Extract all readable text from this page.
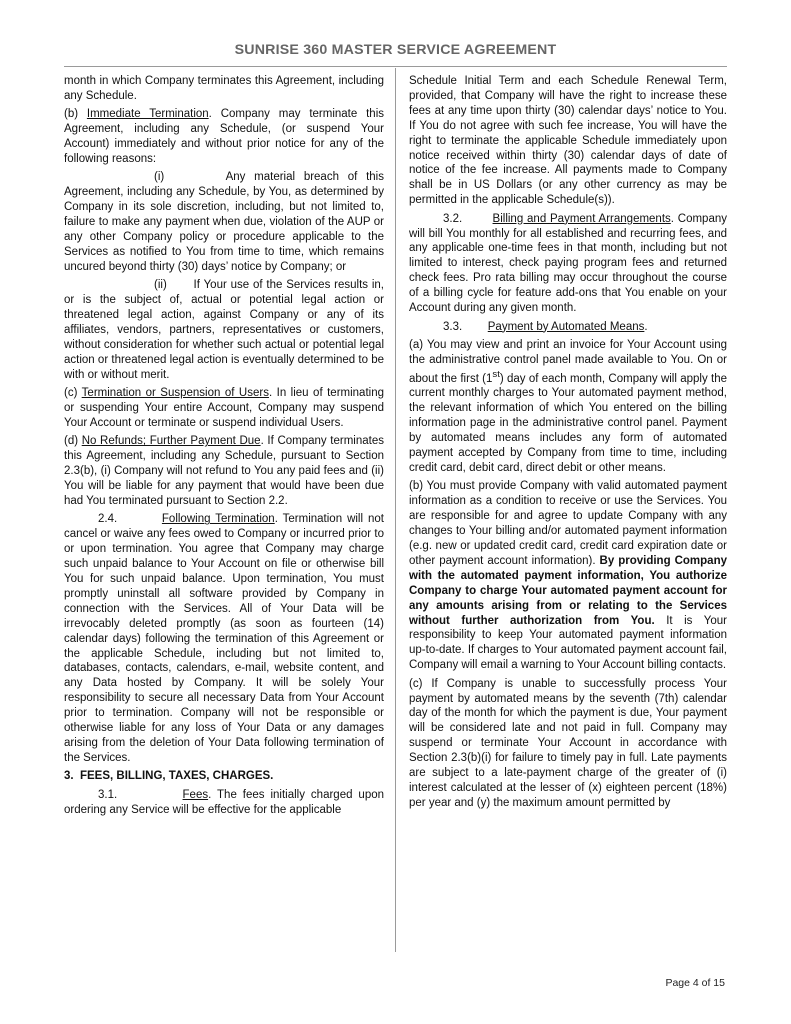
SUNRISE 360 MASTER SERVICE AGREEMENT

month in which Company terminates this Agreement, including any Schedule.

(b) Immediate Termination. Company may terminate this Agreement, including any Schedule, (or suspend Your Account) immediately and without prior notice for any of the following reasons:

(i)       Any material breach of this Agreement, including any Schedule, by You, as determined by Company in its sole discretion, including, but not limited to, failure to make any payment when due, violation of the AUP or any other Company policy or procedure applicable to the Services as notified to You from time to time, which remains uncured beyond thirty (30) days’ notice by Company; or

(ii)       If Your use of the Services results in, or is the subject of, actual or potential legal action or threatened legal action, against Company or any of its affiliates, vendors, partners, representatives or customers, without consideration for whether such actual or potential legal action or threatened legal action is eventually determined to be with or without merit.

(c) Termination or Suspension of Users. In lieu of terminating or suspending Your entire Account, Company may suspend Your Account or terminate or suspend individual Users.

(d) No Refunds; Further Payment Due. If Company terminates this Agreement, including any Schedule, pursuant to Section 2.3(b), (i) Company will not refund to You any paid fees and (ii) You will be liable for any payment that would have been due had You terminated pursuant to Section 2.2.

2.4.         Following Termination. Termination will not cancel or waive any fees owed to Company or incurred prior to or upon termination. You agree that Company may charge such unpaid balance to Your Account on file or otherwise bill You for such unpaid balance. Upon termination, You must promptly uninstall all software provided by Company in connection with the Services. All of Your Data will be irrevocably deleted promptly (as soon as fourteen (14) calendar days) following the termination of this Agreement or the applicable Schedule, including but not limited to, databases, contacts, calendars, e-mail, website content, and any Data hosted by Company. It will be solely Your responsibility to secure all necessary Data from Your Account prior to termination. Company will not be responsible or otherwise liable for any loss of Your Data or any damages arising from the deletion of Your Data following termination of the Services.

3.  FEES, BILLING, TAXES, CHARGES.

3.1.           Fees. The fees initially charged upon ordering any Service will be effective for the applicable

Schedule Initial Term and each Schedule Renewal Term, provided, that Company will have the right to increase these fees at any time upon thirty (30) calendar days’ notice to You. If You do not agree with such fee increase, You will have the right to terminate the applicable Schedule immediately upon notice received within thirty (30) calendar days of date of notice of the fee increase. All payments made to Company shall be in US Dollars (or any other currency as may be permitted in the applicable Schedule(s)).

3.2.        Billing and Payment Arrangements. Company will bill You monthly for all established and recurring fees, and any applicable one-time fees in that month, including but not limited to interest, check paying program fees and returned check fees. Pro rata billing may occur throughout the course of a billing cycle for feature add-ons that You enable on your Account during any given month.

3.3.        Payment by Automated Means.

(a) You may view and print an invoice for Your Account using the administrative control panel made available to You. On or about the first (1st) day of each month, Company will apply the current monthly charges to Your automated payment method, the relevant information of which You entered on the billing information page in the administrative control panel. Payment by automated means includes any form of automated payment accepted by Company from time to time, including credit card, debit card, direct debit or other means.

(b) You must provide Company with valid automated payment information as a condition to receive or use the Services. You are responsible for and agree to update Company with any changes to Your billing and/or automated payment information (e.g. new or updated credit card, credit card expiration date or other payment account information). By providing Company with the automated payment information, You authorize Company to charge Your automated payment account for any amounts arising from or relating to the Services without further authorization from You. It is Your responsibility to keep Your automated payment information up-to-date. If charges to Your automated payment account fail, Company will email a warning to Your Account billing contacts.

(c) If Company is unable to successfully process Your payment by automated means by the seventh (7th) calendar day of the month for which the payment is due, Your payment will be considered late and not paid in full. Company may suspend or terminate Your Account in accordance with Section 2.3(b)(i) for failure to timely pay in full. Late payments are subject to a late-payment charge of the greater of (i) interest calculated at the lesser of (x) eighteen percent (18%) per year and (y) the maximum amount permitted by

Page 4 of 15
